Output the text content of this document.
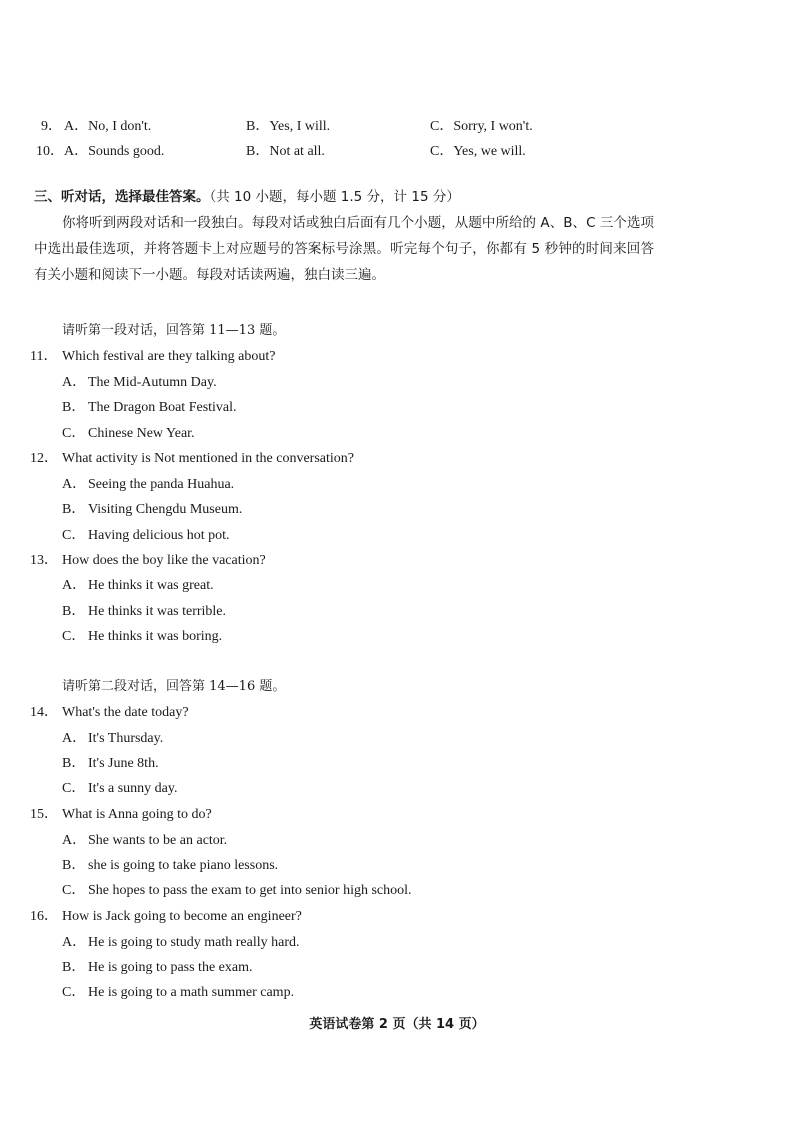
9． A．No, I don't.	B．Yes, I will.	C．Sorry, I won't.
10． A．Sounds good.	B．Not at all.	C．Yes, we will.
三、听对话，选择最佳答案。（共 10 小题，每小题 1.5 分，计 15 分）
你将听到两段对话和一段独白。每段对话或独白后面有几个小题，从题中所给的 A、B、C 三个选项中选出最佳选项，并将答题卡上对应题号的答案标号涂黑。听完每个句子，你都有 5 秒钟的时间来回答有关小题和阅读下一小题。每段对话读两遍，独白读三遍。
请听第一段对话，回答第 11—13 题。
11． Which festival are they talking about?
A． The Mid-Autumn Day.
B． The Dragon Boat Festival.
C． Chinese New Year.
12． What activity is Not mentioned in the conversation?
A． Seeing the panda Huahua.
B． Visiting Chengdu Museum.
C． Having delicious hot pot.
13． How does the boy like the vacation?
A． He thinks it was great.
B． He thinks it was terrible.
C． He thinks it was boring.
请听第二段对话，回答第 14—16 题。
14． What's the date today?
A． It's Thursday.
B． It's June 8th.
C． It's a sunny day.
15． What is Anna going to do?
A． She wants to be an actor.
B． she is going to take piano lessons.
C． She hopes to pass the exam to get into senior high school.
16． How is Jack going to become an engineer?
A． He is going to study math really hard.
B． He is going to pass the exam.
C． He is going to a math summer camp.
英语试卷第 2 页（共 14 页）
